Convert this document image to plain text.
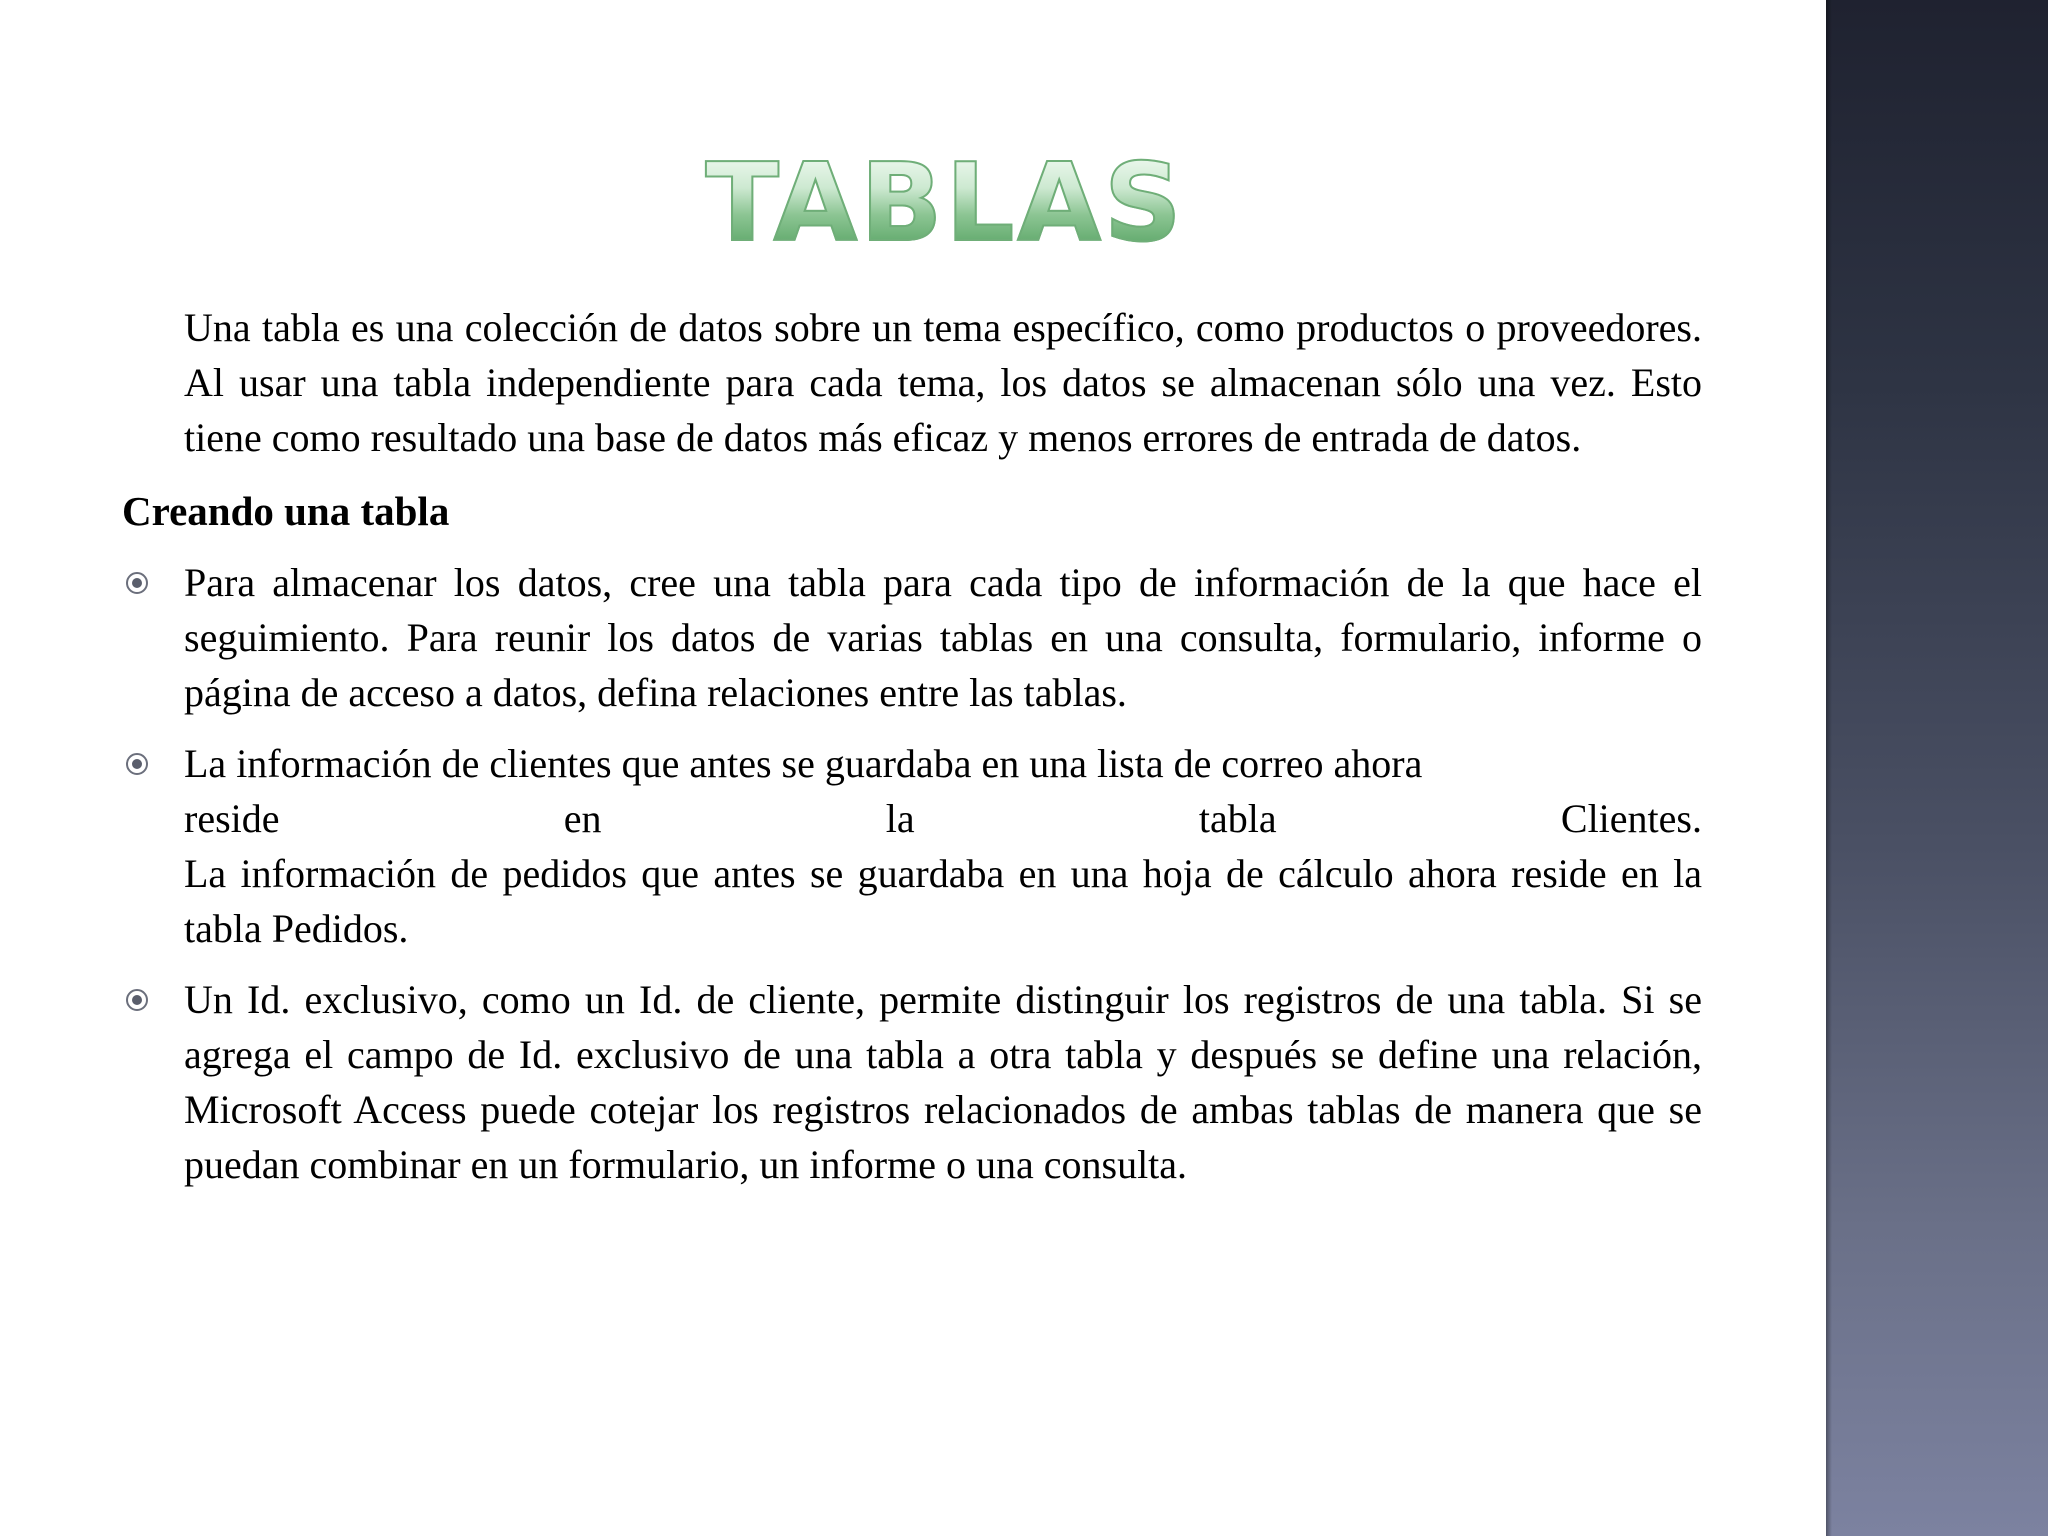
TABLAS

Una tabla es una colección de datos sobre un tema específico, como productos o proveedores. Al usar una tabla independiente para cada tema, los datos se almacenan sólo una vez. Esto tiene como resultado una base de datos más eficaz y menos errores de entrada de datos.

Creando una tabla
Para almacenar los datos, cree una tabla para cada tipo de información de la que hace el seguimiento. Para reunir los datos de varias tablas en una consulta, formulario, informe o página de acceso a datos, defina relaciones entre las tablas.
La información de clientes que antes se guardaba en una lista de correo ahora
reside	en	la	tabla	Clientes.
La información de pedidos que antes se guardaba en una hoja de cálculo ahora reside en la tabla Pedidos.
Un Id. exclusivo, como un Id. de cliente, permite distinguir los registros de una tabla. Si se agrega el campo de Id. exclusivo de una tabla a otra tabla y después se define una relación, Microsoft Access puede cotejar los registros relacionados de ambas tablas de manera que se puedan combinar en un formulario, un informe o una consulta.
